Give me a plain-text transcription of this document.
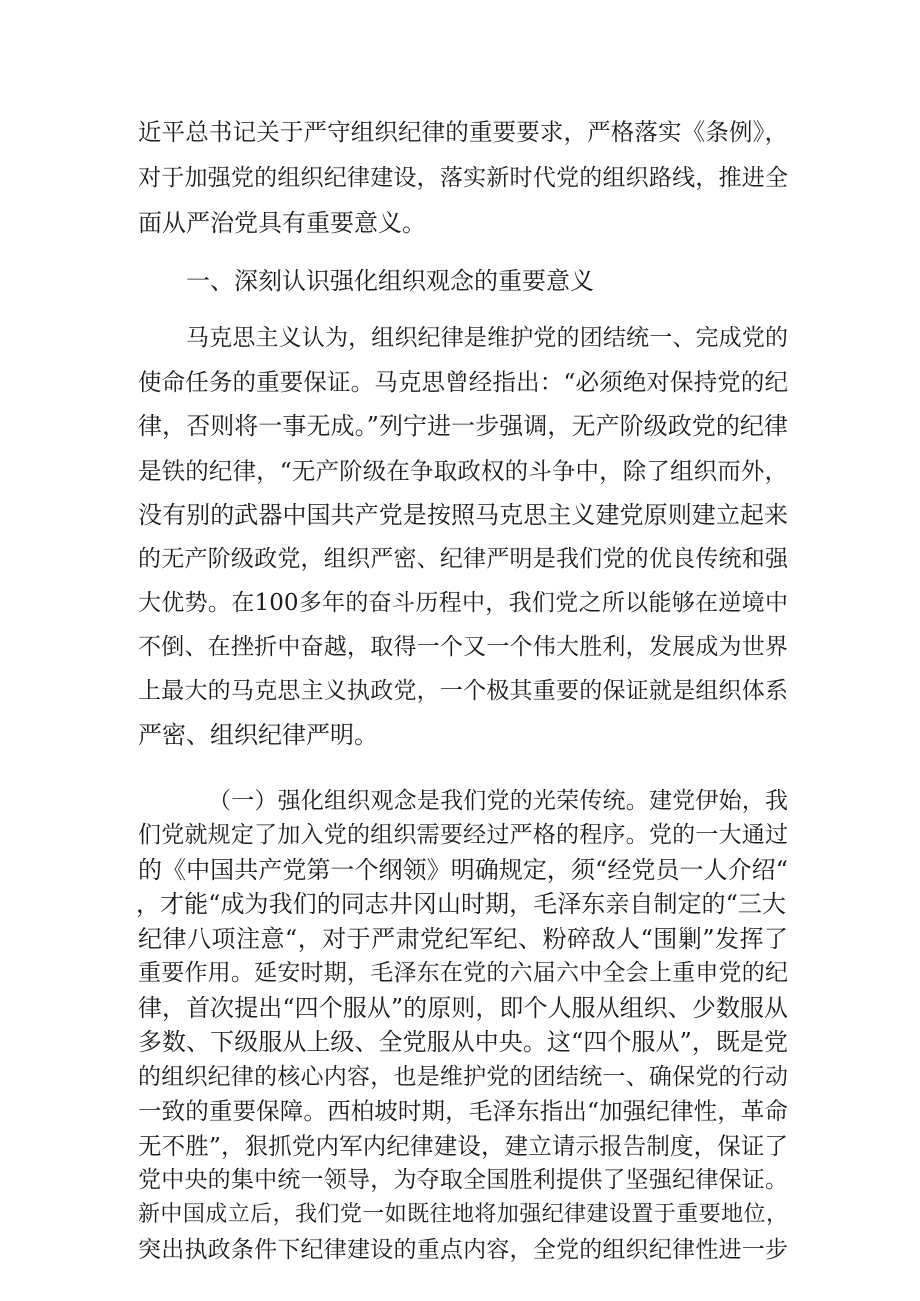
近平总书记关于严守组织纪律的重要要求，严格落实《条例》，
对于加强党的组织纪律建设，落实新时代党的组织路线，推进全
面从严治党具有重要意义。
一、深刻认识强化组织观念的重要意义
马克思主义认为，组织纪律是维护党的团结统一、完成党的
使命任务的重要保证。马克思曾经指出：“必须绝对保持党的纪
律，否则将一事无成。”列宁进一步强调，无产阶级政党的纪律
是铁的纪律，“无产阶级在争取政权的斗争中，除了组织而外，
没有别的武器中国共产党是按照马克思主义建党原则建立起来
的无产阶级政党，组织严密、纪律严明是我们党的优良传统和强
大优势。在100多年的奋斗历程中，我们党之所以能够在逆境中
不倒、在挫折中奋越，取得一个又一个伟大胜利，发展成为世界
上最大的马克思主义执政党，一个极其重要的保证就是组织体系
严密、组织纪律严明。
（一）强化组织观念是我们党的光荣传统。建党伊始，我
们党就规定了加入党的组织需要经过严格的程序。党的一大通过
的《中国共产党第一个纲领》明确规定，须“经党员一人介绍“
，才能“成为我们的同志井冈山时期，毛泽东亲自制定的“三大
纪律八项注意“，对于严肃党纪军纪、粉碎敌人“围剿”发挥了
重要作用。延安时期，毛泽东在党的六届六中全会上重申党的纪
律，首次提出“四个服从”的原则，即个人服从组织、少数服从
多数、下级服从上级、全党服从中央。这“四个服从”，既是党
的组织纪律的核心内容，也是维护党的团结统一、确保党的行动
一致的重要保障。西柏坡时期，毛泽东指出“加强纪律性，革命
无不胜”，狠抓党内军内纪律建设，建立请示报告制度，保证了
党中央的集中统一领导，为夺取全国胜利提供了坚强纪律保证。
新中国成立后，我们党一如既往地将加强纪律建设置于重要地位，
突出执政条件下纪律建设的重点内容，全党的组织纪律性进一步
